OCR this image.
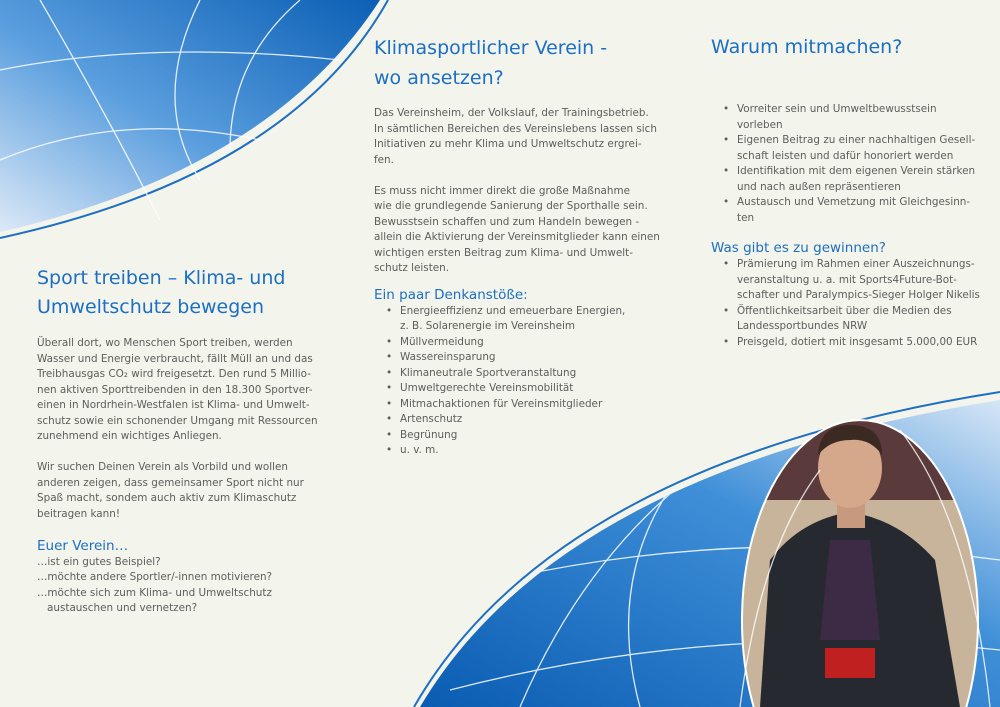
Sport treiben – Klima- und
Umweltschutz bewegen
Überall dort, wo Menschen Sport treiben, werden
Wasser und Energie verbraucht, fällt Müll an und das
Treibhausgas CO₂ wird freigesetzt. Den rund 5 Millio-
nen aktiven Sporttreibenden in den 18.300 Sportver-
einen in Nordrhein-Westfalen ist Klima- und Umwelt-
schutz sowie ein schonender Umgang mit Ressourcen
zunehmend ein wichtiges Anliegen.
Wir suchen Deinen Verein als Vorbild und wollen
anderen zeigen, dass gemeinsamer Sport nicht nur
Spaß macht, sondem auch aktiv zum Klimaschutz
beitragen kann!
Euer Verein…
…ist ein gutes Beispiel?
…möchte andere Sportler/-innen motivieren?
…möchte sich zum Klima- und Umweltschutz
austauschen und vernetzen?
Klimasportlicher Verein -
wo ansetzen?
Das Vereinsheim, der Volkslauf, der Trainingsbetrieb.
In sämtlichen Bereichen des Vereinslebens lassen sich
Initiativen zu mehr Klima und Umweltschutz ergrei-
fen.
Es muss nicht immer direkt die große Maßnahme
wie die grundlegende Sanierung der Sporthalle sein.
Bewusstsein schaffen und zum Handeln bewegen -
allein die Aktivierung der Vereinsmitglieder kann einen
wichtigen ersten Beitrag zum Klima- und Umwelt-
schutz leisten.
Ein paar Denkanstöße:
• Energieeffizienz und emeuerbare Energien,
z. B. Solarenergie im Vereinsheim
• Müllvermeidung
• Wassereinsparung
• Klimaneutrale Sportveranstaltung
• Umweltgerechte Vereinsmobilität
• Mitmachaktionen für Vereinsmitglieder
• Artenschutz
• Begrünung
• u. v. m.
Warum mitmachen?
• Vorreiter sein und Umweltbewusstsein
vorleben
• Eigenen Beitrag zu einer nachhaltigen Gesell-
schaft leisten und dafür honoriert werden
• Identifikation mit dem eigenen Verein stärken
und nach außen repräsentieren
• Austausch und Vemetzung mit Gleichgesinn-
ten
Was gibt es zu gewinnen?
• Prämierung im Rahmen einer Auszeichnungs-
veranstaltung u. a. mit Sports4Future-Bot-
schafter und Paralympics-Sieger Holger Nikelis
• Öffentlichkeitsarbeit über die Medien des
Landessportbundes NRW
• Preisgeld, dotiert mit insgesamt 5.000,00 EUR
